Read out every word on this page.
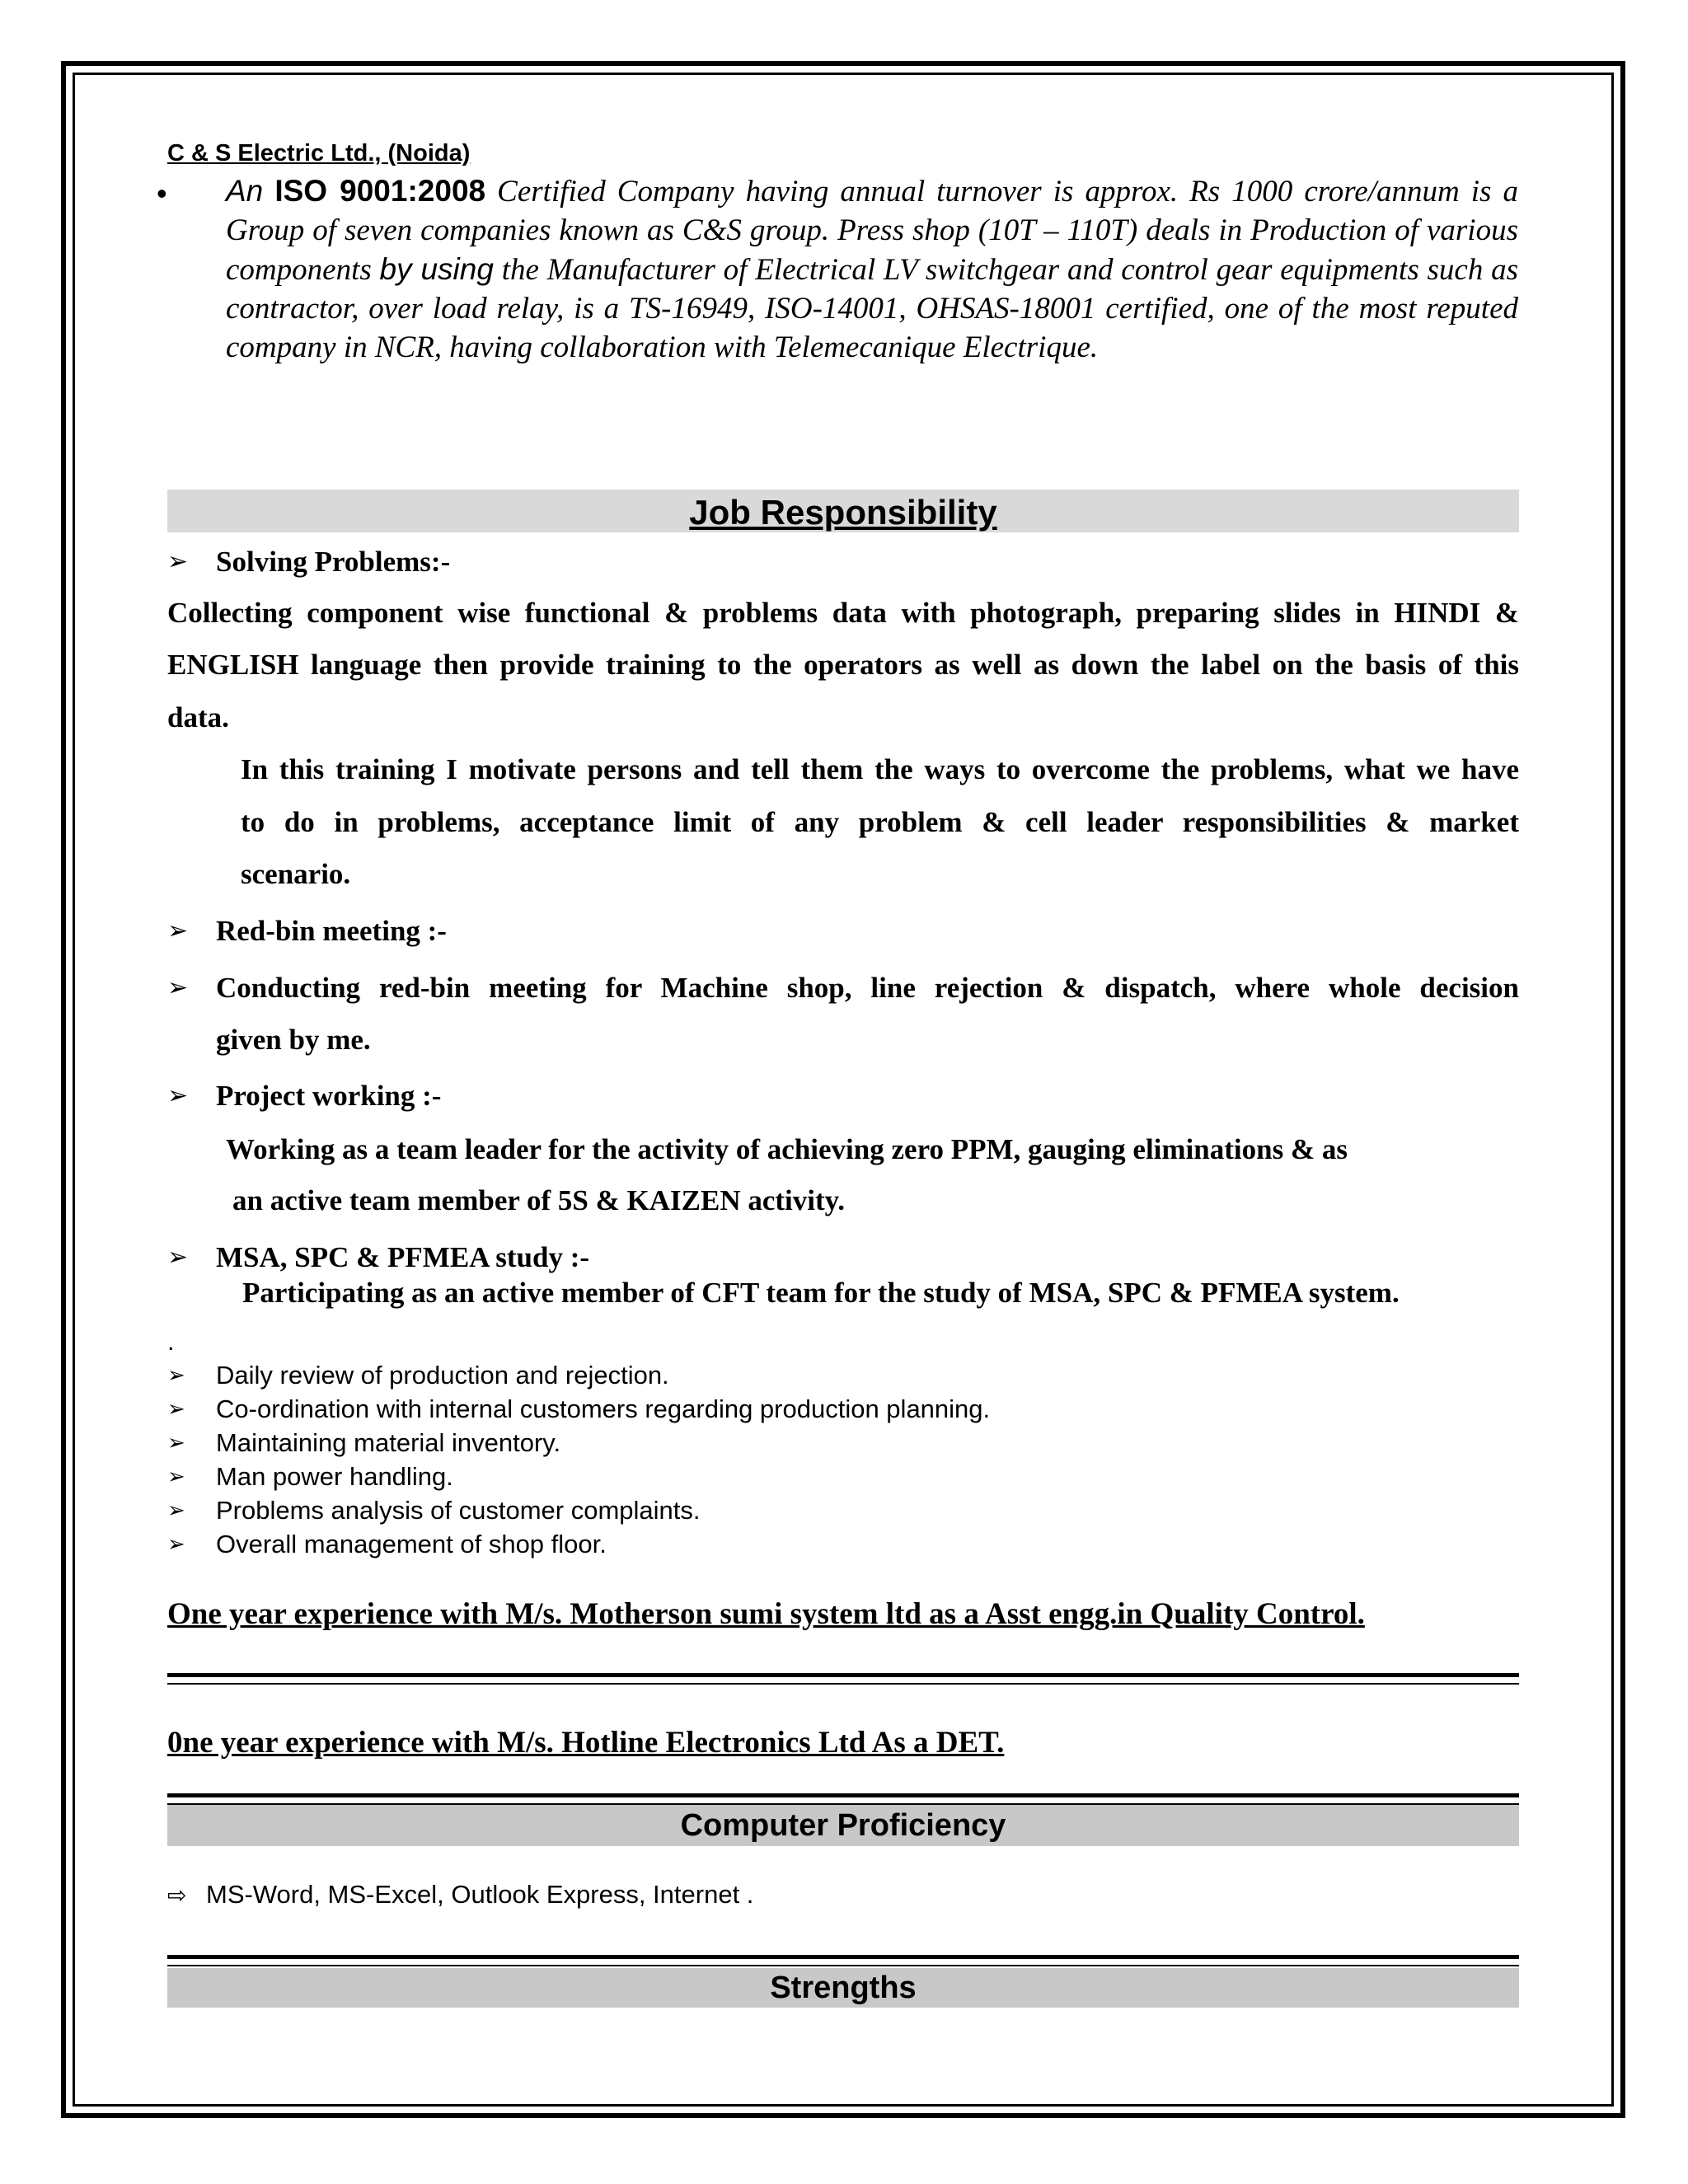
C & S Electric Ltd., (Noida)
• An ISO 9001:2008 Certified Company having annual turnover is approx. Rs 1000 crore/annum is a Group of seven companies known as C&S group. Press shop (10T – 110T) deals in Production of various components by using the Manufacturer of Electrical LV switchgear and control gear equipments such as contractor, over load relay, is a TS-16949, ISO-14001, OHSAS-18001 certified, one of the most reputed company in NCR, having collaboration with Telemecanique Electrique.
Job Responsibility
➢ Solving Problems:-
Collecting component wise functional & problems data with photograph, preparing slides in HINDI &
ENGLISH language then provide training to the operators as well as down the label on the basis of this
data.
In this training I motivate persons and tell them the ways to overcome the problems, what we have
to do in problems, acceptance limit of any problem & cell leader responsibilities & market
scenario.
➢ Red-bin meeting :-
➢ Conducting red-bin meeting for Machine shop, line rejection & dispatch, where whole decision
given by me.
➢ Project working :-
Working as a team leader for the activity of achieving zero PPM, gauging eliminations & as
an active team member of 5S & KAIZEN activity.
➢ MSA, SPC & PFMEA study :-
Participating as an active member of CFT team for the study of MSA, SPC & PFMEA system.
.
➢ Daily review of production and rejection.
➢ Co-ordination with internal customers regarding production planning.
➢ Maintaining material inventory.
➢ Man power handling.
➢ Problems analysis of customer complaints.
➢ Overall management of shop floor.
One year experience with M/s. Motherson sumi system ltd as a Asst engg.in Quality Control.
0ne year experience with M/s. Hotline Electronics Ltd As a DET.
Computer Proficiency
⇨ MS-Word, MS-Excel, Outlook Express, Internet .
Strengths
